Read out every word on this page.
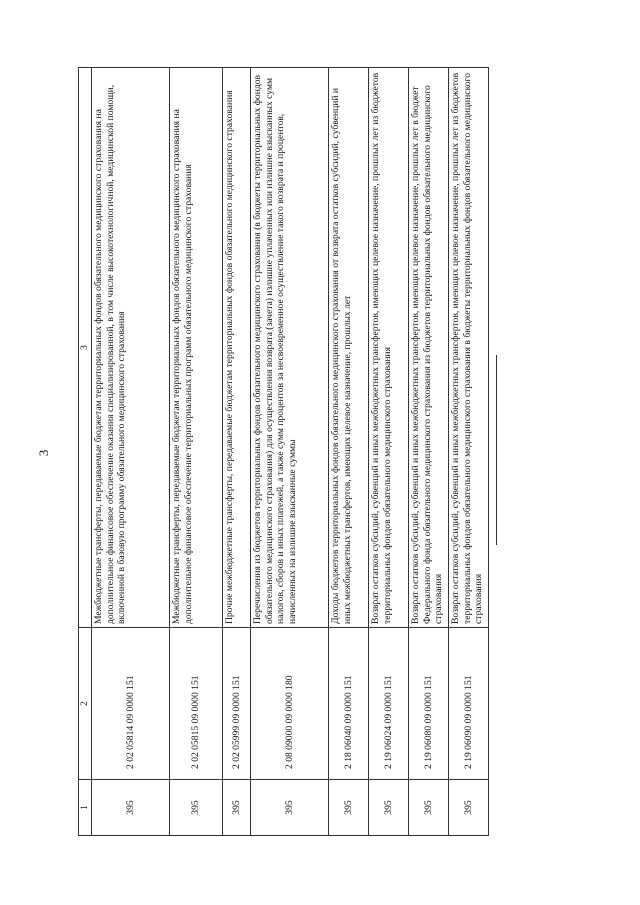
3
1	2	3
395	2 02 05814 09 0000 151	Межбюджетные трансферты, передаваемые бюджетам территориальных фондов обязательного медицинского страхования на дополнительное финансовое обеспечение оказания специализированной, в том числе высокотехнологичной, медицинской помощи, включенной в базовую программу обязательного медицинского страхования
395	2 02 05815 09 0000 151	Межбюджетные трансферты, передаваемые бюджетам территориальных фондов обязательного медицинского страхования на дополнительное финансовое обеспечение территориальных программ обязательного медицинского страхования
395	2 02 05999 09 0000 151	Прочие межбюджетные трансферты, передаваемые бюджетам территориальных фондов обязательного медицинского страхования
395	2 08 09000 09 0000 180	Перечисления из бюджетов территориальных фондов обязательного медицинского страхования (в бюджеты территориальных фондов обязательного медицинского страхования) для осуществления возврата (зачета) излишне уплаченных или излишне взысканных сумм налогов, сборов и иных платежей, а также сумм процентов за несвоевременное осуществление такого возврата и процентов, начисленных на излишне взысканные суммы
395	2 18 06040 09 0000 151	Доходы бюджетов территориальных фондов обязательного медицинского страхования от возврата остатков субсидий, субвенций и иных межбюджетных трансфертов, имеющих целевое назначение, прошлых лет
395	2 19 06024 09 0000 151	Возврат остатков субсидий, субвенций и иных межбюджетных трансфертов, имеющих целевое назначение, прошлых лет из бюджетов территориальных фондов обязательного медицинского страхования
395	2 19 06080 09 0000 151	Возврат остатков субсидий, субвенций и иных межбюджетных трансфертов, имеющих целевое назначение, прошлых лет в бюджет Федерального фонда обязательного медицинского страхования из бюджетов территориальных фондов обязательного медицинского страхования
395	2 19 06090 09 0000 151	Возврат остатков субсидий, субвенций и иных межбюджетных трансфертов, имеющих целевое назначение, прошлых лет из бюджетов территориальных фондов обязательного медицинского страхования в бюджеты территориальных фондов обязательного медицинского страхования
